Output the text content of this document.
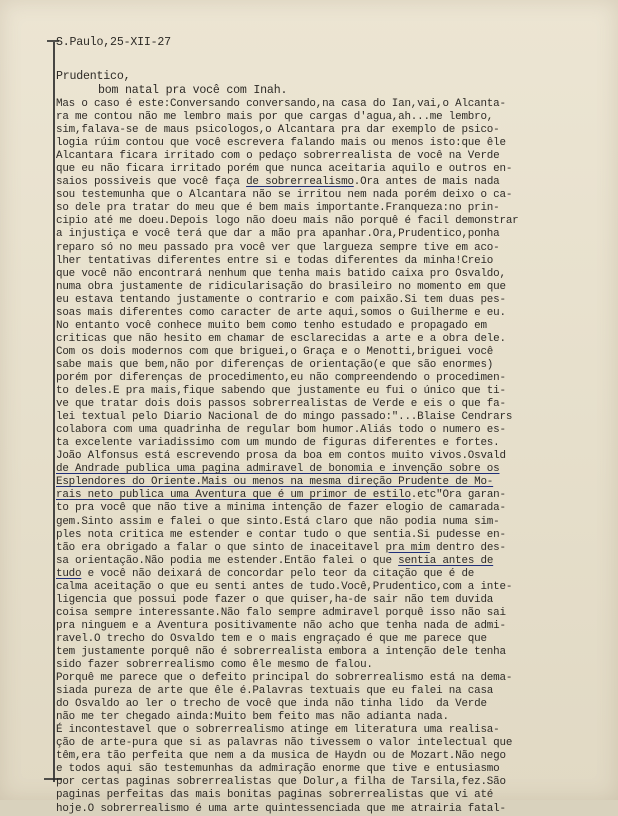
S.Paulo,25-XII-27
Prudentico,
bom natal pra você com Inah.
Mas o caso é este:Conversando conversando,na casa do Ian,vai,o Alcanta-
ra me contou não me lembro mais por que cargas d'agua,ah...me lembro,
sim,falava-se de maus psicologos,o Alcantara pra dar exemplo de psico-
logia rúim contou que você escrevera falando mais ou menos isto:que êle
Alcantara ficara irritado com o pedaço sobrerrealista de você na Verde
que eu não ficara irritado porém que nunca aceitaria aquilo e outros en-
saios possiveis que você faça de sobrerrealismo.Ora antes de mais nada
sou testemunha que o Alcantara não se irritou nem nada porém deixo o ca-
so dele pra tratar do meu que é bem mais importante.Franqueza:no prin-
cipio até me doeu.Depois logo não doeu mais não porquê é facil demonstrar
a injustiça e você terá que dar a mão pra apanhar.Ora,Prudentico,ponha
reparo só no meu passado pra você ver que largueza sempre tive em aco-
lher tentativas diferentes entre si e todas diferentes da minha!Creio
que você não encontrará nenhum que tenha mais batido caixa pro Osvaldo,
numa obra justamente de ridicularisação do brasileiro no momento em que
eu estava tentando justamente o contrario e com paixão.Si tem duas pes-
soas mais diferentes como caracter de arte aqui,somos o Guilherme e eu.
No entanto você conhece muito bem como tenho estudado e propagado em
criticas que não hesito em chamar de esclarecidas a arte e a obra dele.
Com os dois modernos com que briguei,o Graça e o Menotti,briguei você
sabe mais que bem,não por diferenças de orientação(e que são enormes)
porém por diferenças de procedimento,eu não compreendendo o procedimen-
to deles.E pra mais,fique sabendo que justamente eu fui o único que ti-
ve que tratar dois dois passos sobrerrealistas de Verde e eis o que fa-
lei textual pelo Diario Nacional de do mingo passado:"...Blaise Cendrars
colabora com uma quadrinha de regular bom humor.Aliás todo o numero es-
ta excelente variadissimo com um mundo de figuras diferentes e fortes.
João Alfonsus está escrevendo prosa da boa em contos muito vivos.Osvald
de Andrade publica uma pagina admiravel de bonomia e invenção sobre os
Esplendores do Oriente.Mais ou menos na mesma direção Prudente de Mo-
rais neto publica uma Aventura que é um primor de estilo.etc"Ora garan-
to pra você que não tive a minima intenção de fazer elogio de camarada-
gem.Sinto assim e falei o que sinto.Está claro que não podia numa sim-
ples nota critica me estender e contar tudo o que sentia.Si pudesse en-
tão era obrigado a falar o que sinto de inaceitavel pra mim dentro des-
sa orientação.Não podia me estender.Então falei o que sentia antes de
tudo e você não deixará de concordar pelo teor da citação que é de
calma aceitação o que eu senti antes de tudo.Você,Prudentico,com a inte-
ligencia que possui pode fazer o que quiser,ha-de sair não tem duvida
coisa sempre interessante.Não falo sempre admiravel porquê isso não sai
pra ninguem e a Aventura positivamente não acho que tenha nada de admi-
ravel.O trecho do Osvaldo tem e o mais engraçado é que me parece que
tem justamente porquê não é sobrerrealista embora a intenção dele tenha
sido fazer sobrerrealismo como êle mesmo de falou.
Porquê me parece que o defeito principal do sobrerrealismo está na dema-
siada pureza de arte que êle é.Palavras textuais que eu falei na casa
do Osvaldo ao ler o trecho de você que inda não tinha lido  da Verde
não me ter chegado ainda:Muito bem feito mas não adianta nada.
É incontestavel que o sobrerrealismo atinge em literatura uma realisa-
ção de arte-pura que si as palavras não tivessem o valor intelectual que
têm,era tão perfeita que nem a da musica de Haydn ou de Mozart.Não nego
e todos aqui são testemunhas da admiração enorme que tive e entusiasmo
por certas paginas sobrerrealistas que Dolur,a filha de Tarsila,fez.São
paginas perfeitas das mais bonitas paginas sobrerrealistas que vi até
hoje.O sobrerrealismo é uma arte quintessenciada que me atrairia fatal-
